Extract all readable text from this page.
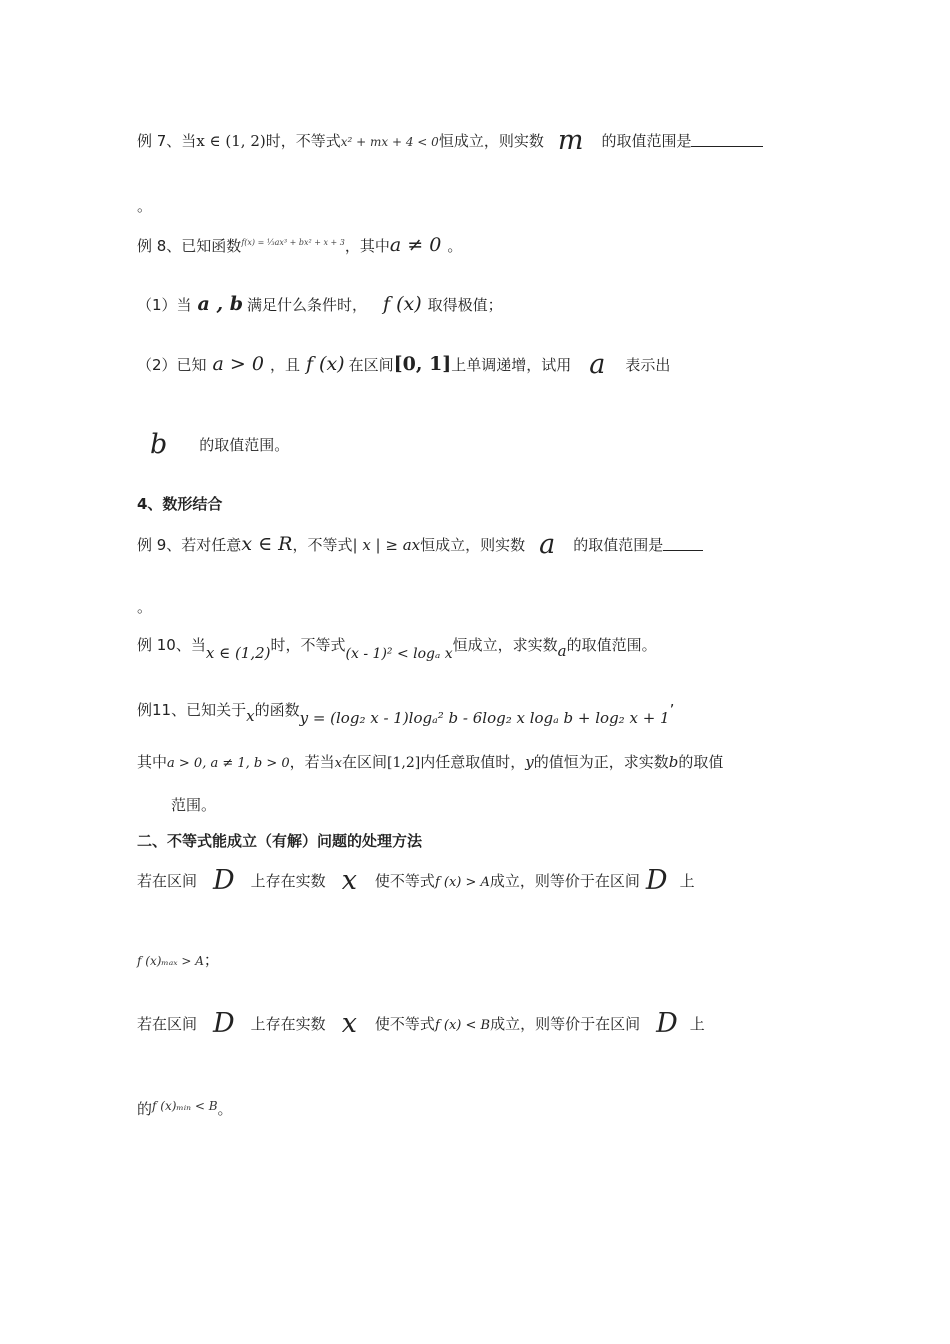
例 7、当x ∈ (1, 2)时，不等式x² + mx + 4 < 0恒成立，则实数 m 的取值范围是
。
例 8、已知函数$^{f(x) = \frac{1}{3}ax^3 + bx^2 + x + 3}$，其中a ≠ 0 。
（1）当 a , b 满足什么条件时， f (x) 取得极值；
（2）已知 a > 0 ，且 f (x) 在区间[0, 1]上单调递增，试用 a 表示出
b 的取值范围。
4、数形结合
例 9、若对任意x ∈ R，不等式| x | ≥ ax恒成立，则实数 a 的取值范围是
。
例 10、当x ∈ (1,2)时，不等式(x - 1)² < logₐ x恒成立，求实数a的取值范围。
例11、已知关于x的函数y = (log₂ x - 1)logₐ² b - 6log₂ x logₐ b + log₂ x + 1’
其中a > 0, a ≠ 1, b > 0，若当x在区间[1,2]内任意取值时，y的值恒为正，求实数b的取值
范围。
二、不等式能成立（有解）问题的处理方法
若在区间 D 上存在实数 x 使不等式f (x) > A成立，则等价于在区间 D 上
f (x)ₘₐₓ > A；
若在区间 D 上存在实数 x 使不等式f (x) < B成立，则等价于在区间 D 上
的$^{f (x)_mᵢ_n < B}$。
